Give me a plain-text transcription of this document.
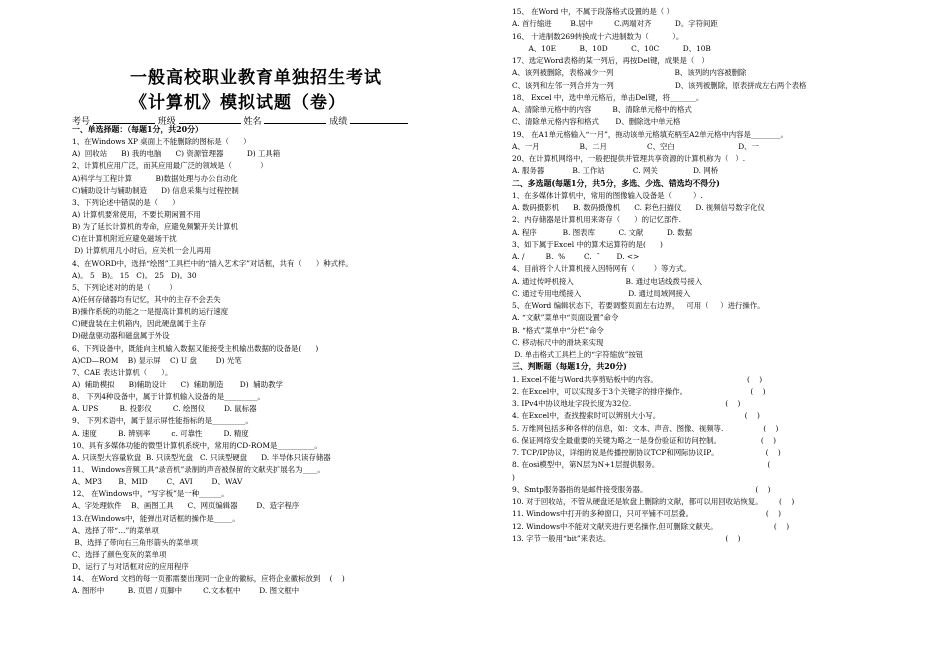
一般高校职业教育单独招生考试
《计算机》模拟试题（卷）
考号	班级	姓名	成绩
一、单选择题：（每题1分，共20分）
1、在Windows XP 桌面上不能删除的图标是（      ）
A)  回收站      B) 我的电脑      C) 资源管理器          D) 工具箱
2、计算机应用广泛，而其应用最广泛的领域是（            ）
A)科学与工程计算          B)数据处理与办公自动化
C)辅助设计与辅助制造      D) 信息采集与过程控制
3、下列论述中错误的是（      ）
A) 计算机要常使用，不要长期闲置不用
B) 为了延长计算机的寿命，应避免频繁开关计算机
C)在计算机附近应避免磁场干扰
D) 计算机用几小时后，应关机一会儿再用
4、在WORD中，选择“绘图”工具栏中的“插入艺术字”对话框，共有（      ）种式样。
A)。 5   B)。 15   C)。 25   D)。30
5、下列论述对的的是（        ）
A)任何存储器均有记忆，其中的主存不会丢失
B)操作系统的功能之一是提高计算机的运行速度
C)硬盘装在主机箱内，因此硬盘属于主存
D)磁盘驱动器和磁盘属于外设
6、下列设备中，既能向主机输入数据又能接受主机输出数据的设备是(      )
A)CD—ROM    B) 显示屏    C) U 盘        D) 光笔
7、CAE 表达计算机（      ）。
A)  辅助模拟      B)辅助设计      C)  辅助制造       D)  辅助教学
8、 下列4种设备中，属于计算机输入设备的是_________。
A. UPS         B. 投影仪         C. 绘图仪        D. 鼠标器
9、 下列术语中，属于显示屏性能指标的是_________。
A. 速度         B. 辨别率         c. 可靠性         D. 精度
10、具有多媒体功能的微型计算机系统中，常用的CD-ROM是__________。
A. 只读型大容量软盘  B. 只读型光盘   C. 只读型硬盘      D. 半导体只读存储器
11、 Windows音频工具“录音机”录制的声音被保留的文献夹扩展名为____。
A、MP3       B、MID        C、AVI        D、WAV
12、 在Windows中，“写字板”是一种______。
A、字处理软件    B、画图工具      C、网页编辑器        D、造字程序
13.在Windows中，能弹出对话框的操作是_____。
A、选择了带“…”的菜单项
B、选择了带向右三角形箭头的菜单项
C、选择了颜色变灰的菜单项
D、运行了与对话框对应的应用程序
14、 在Word 文档的每一页都需要出现同一企业的徽标，应将企业徽标放到    (    )
A. 图形中          B. 页眉 / 页脚中         C.文本框中        D. 图文框中
15、 在Word 中，不属于段落格式设置的是（ ）
A. 首行缩进        B.居中         C.两端对齐          D。字符间距
16、 十进制数269转换成十六进制数为（          ）。
A、10E          B、10D          C、10C          D、10B
17、选定Word表格的某一列后，再按Del键，成果是（   ）
A、该列被删除，表格减少一列                          B、该列的内容被删除
C、该列和左邻一列合并为一列                          D、该列被删除，原表拼成左右两个表格
18、 Excel 中，选中单元格后，单击Del键，将_______。
A、清除单元格中的内容         B、清除单元格中的格式
C、清除单元格内容和格式       D、删除选中单元格
19、 在A1单元格输入“一月”，拖动该单元格填充柄至A2单元格中内容是________。
A、一月                 B、二月                 C、空白                           D、一
20、在计算机网络中，一般把提供并管理共享资源的计算机称为（   ）.
A. 服务器            B. 工作站            C. 网关               D. 网桥
二、多选题(每题1分，共5分，多选、少选、错选均不得分)
1、在多媒体计算机中，常用的图像输入设备是（         ）.
A. 数码摄影机      B. 数码摄像机      C. 彩色扫描仪      D. 视频信号数字化仪
2、内存储器是计算机用来寄存（      ）的记忆部件.
A. 程序           B. 图表库          C. 文献          D. 数据
3、如下属于Excel 中的算术运算符的是(      )
A. /         B.  %        C.  ¯       D. <>
4、目前将个人计算机接入因特网有（        ）等方式。
A. 通过传呼机接入                      B. 通过电话线拨号接入
C. 通过专用电缆接入                    D. 通过局域网接入
5、在Word 编辑状态下，若要调整页面左右边界，   可用（     ）进行操作。
A. “文献”菜单中“页面设置”命令
B. “格式”菜单中“分栏”命令
C. 移动标尺中的滑块来实现
D. 单击格式工具栏上的“字符缩放”按钮
三、判断题（每题1分，共20分)
1. Excel不能与Word共享剪贴板中的内容。                                      (    )
2. 在Excel中，可以实现多于3个关键字的排序操作。                           (    )
3. IPv4中协议地址字段长度为32位.                                        (    )
4. 在Excel中，查找搜索时可以辨别大小写。                                    (    )
5. 万维网包括多种各样的信息，如：文本、声音、图像、视频等.                 (    )
6. 保证网络安全最重要的关键为略之一是身份验证和访问控制。                 (    )
7. TCP/IP协议，详细的说是传播控制协议TCP和网际协议IP。                    (    )
8. 在osi模型中，第N层为N+1层提供服务。                                              (
)
9、Smtp服务器指的是邮件接受服务器。                                              (    )
10. 对于回收站，不管从硬盘还是软盘上删除的文献，都可以用回收站恢复。       (    )
11. Windows中打开的多种窗口，只可平铺不可层叠。                               (    )
12. Windows中不能对文献夹进行更名操作,但可删除文献夹。                        (    )
13. 字节一般用“bit”来表达。                                                 (    )
